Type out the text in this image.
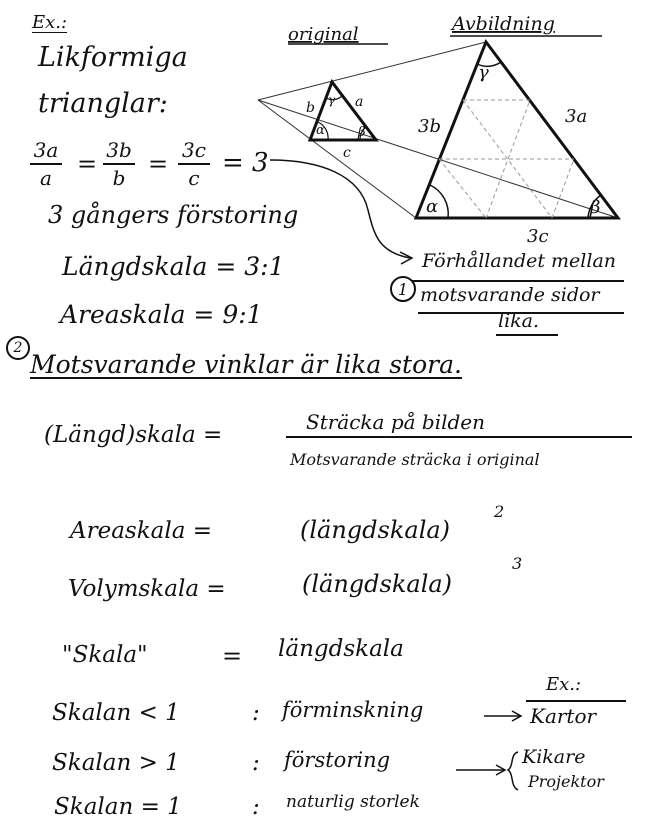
Ex.:
Likformiga
trianglar:
3a
a = 3b
b = 3c
c = 3
3 gångers förstoring
Längdskala = 3:1
Areaskala = 9:1
b	a
c
α	β
γ
3b	3a
3c
α	β
γ
original	Avbildning
1
Förhållandet mellan
motsvarande sidor
lika.
2
Motsvarande vinklar är lika stora.
(Längd)skala =	Sträcka på bilden
Motsvarande sträcka i original
Areaskala =	(längdskala)
2
Volymskala =	(längdskala)
3
"Skala"	= längdskala
Skalan < 1	: förminskning
Skalan > 1	: förstoring
Skalan = 1	: naturlig storlek
Ex.:
Kartor
Kikare
Projektor
